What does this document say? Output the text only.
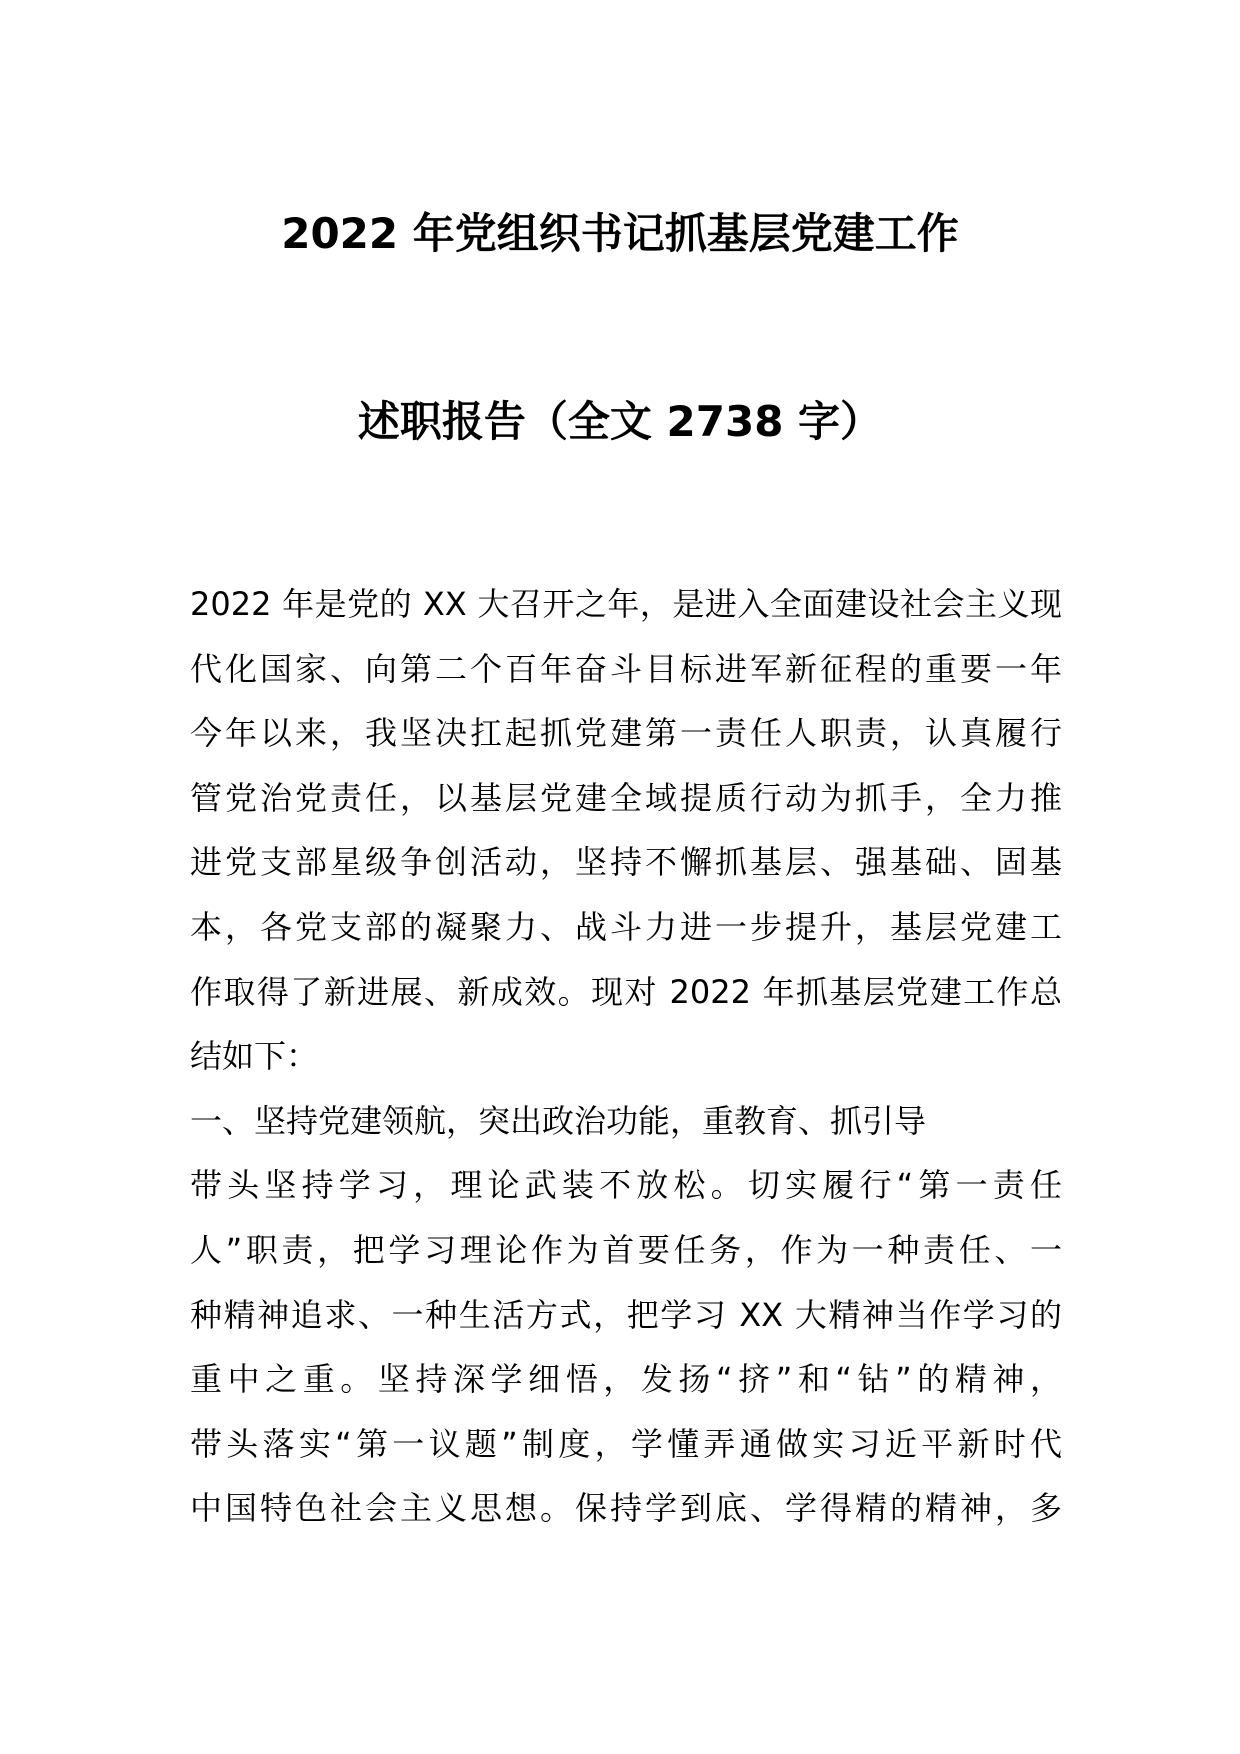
2022 年党组织书记抓基层党建工作
述职报告（全文 2738 字）
2022 年是党的 XX 大召开之年，是进入全面建设社会主义现
代化国家、向第二个百年奋斗目标进军新征程的重要一年
今年以来，我坚决扛起抓党建第一责任人职责，认真履行
管党治党责任，以基层党建全域提质行动为抓手，全力推
进党支部星级争创活动，坚持不懈抓基层、强基础、固基
本，各党支部的凝聚力、战斗力进一步提升，基层党建工
作取得了新进展、新成效。现对 2022 年抓基层党建工作总
结如下：
一、坚持党建领航，突出政治功能，重教育、抓引导
带头坚持学习，理论武装不放松。切实履行“第一责任
人”职责，把学习理论作为首要任务，作为一种责任、一
种精神追求、一种生活方式，把学习 XX 大精神当作学习的
重中之重。坚持深学细悟，发扬“挤”和“钻”的精神，
带头落实“第一议题”制度，学懂弄通做实习近平新时代
中国特色社会主义思想。保持学到底、学得精的精神，多
